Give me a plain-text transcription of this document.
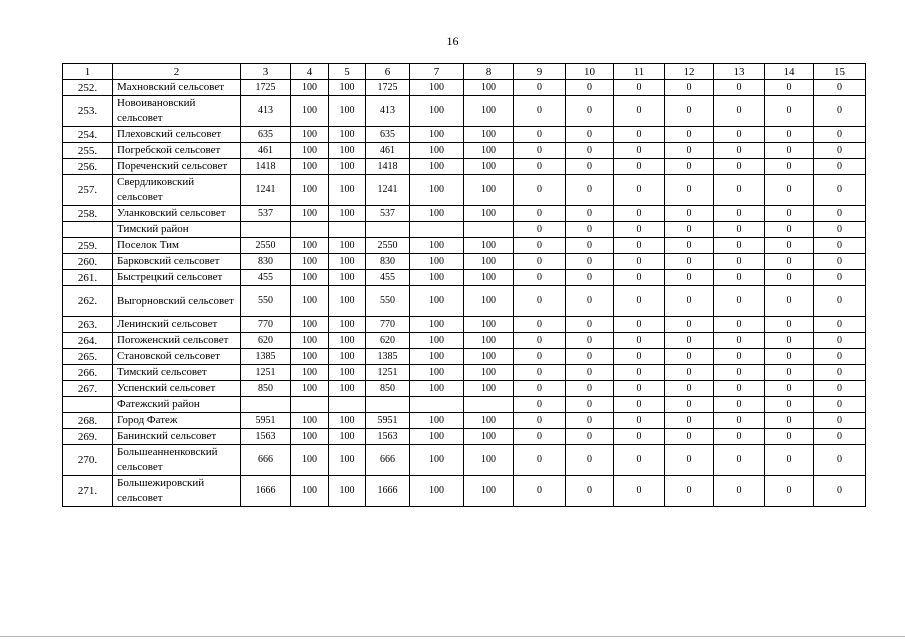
16
1	2	3	4	5	6	7	8	9	10	11	12	13	14	15
252.	Махновский сельсовет	1725	100	100	1725	100	100	0	0	0	0	0	0	0
253.	Новоивановский сельсовет	413	100	100	413	100	100	0	0	0	0	0	0	0
254.	Плеховский сельсовет	635	100	100	635	100	100	0	0	0	0	0	0	0
255.	Погребской сельсовет	461	100	100	461	100	100	0	0	0	0	0	0	0
256.	Пореченский сельсовет	1418	100	100	1418	100	100	0	0	0	0	0	0	0
257.	Свердликовский сельсовет	1241	100	100	1241	100	100	0	0	0	0	0	0	0
258.	Уланковский сельсовет	537	100	100	537	100	100	0	0	0	0	0	0	0
	Тимский район							0	0	0	0	0	0	0
259.	Поселок Тим	2550	100	100	2550	100	100	0	0	0	0	0	0	0
260.	Барковский сельсовет	830	100	100	830	100	100	0	0	0	0	0	0	0
261.	Быстрецкий сельсовет	455	100	100	455	100	100	0	0	0	0	0	0	0
262.	Выгорновский сельсовет	550	100	100	550	100	100	0	0	0	0	0	0	0
263.	Ленинский сельсовет	770	100	100	770	100	100	0	0	0	0	0	0	0
264.	Погоженский сельсовет	620	100	100	620	100	100	0	0	0	0	0	0	0
265.	Становской сельсовет	1385	100	100	1385	100	100	0	0	0	0	0	0	0
266.	Тимский сельсовет	1251	100	100	1251	100	100	0	0	0	0	0	0	0
267.	Успенский сельсовет	850	100	100	850	100	100	0	0	0	0	0	0	0
	Фатежский район							0	0	0	0	0	0	0
268.	Город Фатеж	5951	100	100	5951	100	100	0	0	0	0	0	0	0
269.	Банинский сельсовет	1563	100	100	1563	100	100	0	0	0	0	0	0	0
270.	Большеанненковский сельсовет	666	100	100	666	100	100	0	0	0	0	0	0	0
271.	Большежировский сельсовет	1666	100	100	1666	100	100	0	0	0	0	0	0	0
